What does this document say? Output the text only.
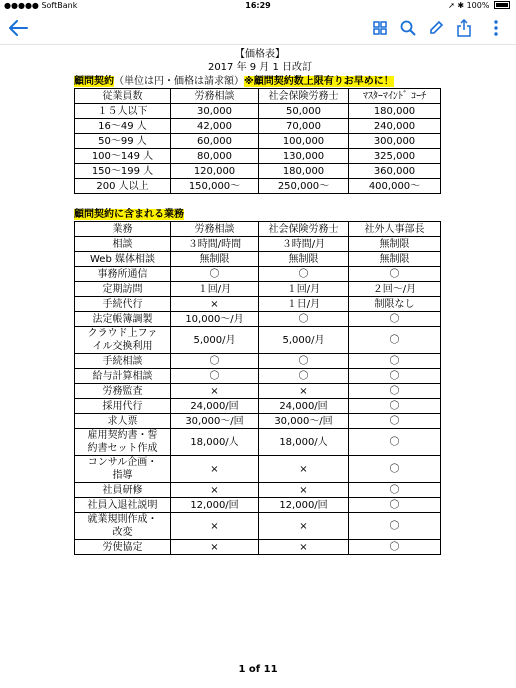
●●●●● SoftBank	16:29	➚ ✱ 100%
【価格表】
2017 年 9 月 1 日改訂
顧問契約（単位は円・価格は請求額）※顧問契約数上限有りお早めに！
従業員数	労務相談	社会保険労務士	ﾏｽﾀｰﾏｲﾝﾄﾞ ｺｰﾁ
１５人以下	30,000	50,000	180,000
16～49 人	42,000	70,000	240,000
50～99 人	60,000	100,000	300,000
100～149 人	80,000	130,000	325,000
150～199 人	120,000	180,000	360,000
200 人以上	150,000～	250,000～	400,000～
顧問契約に含まれる業務
業務	労務相談	社会保険労務士	社外人事部長
相談	３時間/時間	３時間/月	無制限
Web 媒体相談	無制限	無制限	無制限
事務所通信	〇	〇	〇
定期訪問	１回/月	１回/月	２回～/月
手続代行	×	１日/月	制限なし
法定帳簿調製	10,000～/月	〇	〇
クラウド上ファ
イル交換利用	5,000/月	5,000/月	〇
手続相談	〇	〇	〇
給与計算相談	〇	〇	〇
労務監査	×	×	〇
採用代行	24,000/回	24,000/回	〇
求人票	30,000～/回	30,000～/回	〇
雇用契約書・誓
約書セット作成	18,000/人	18,000/人	〇
コンサル企画・
指導	×	×	〇
社員研修	×	×	〇
社員入退社説明	12,000/回	12,000/回	〇
就業規則作成・
改変	×	×	〇
労使協定	×	×	〇
1 of 11
